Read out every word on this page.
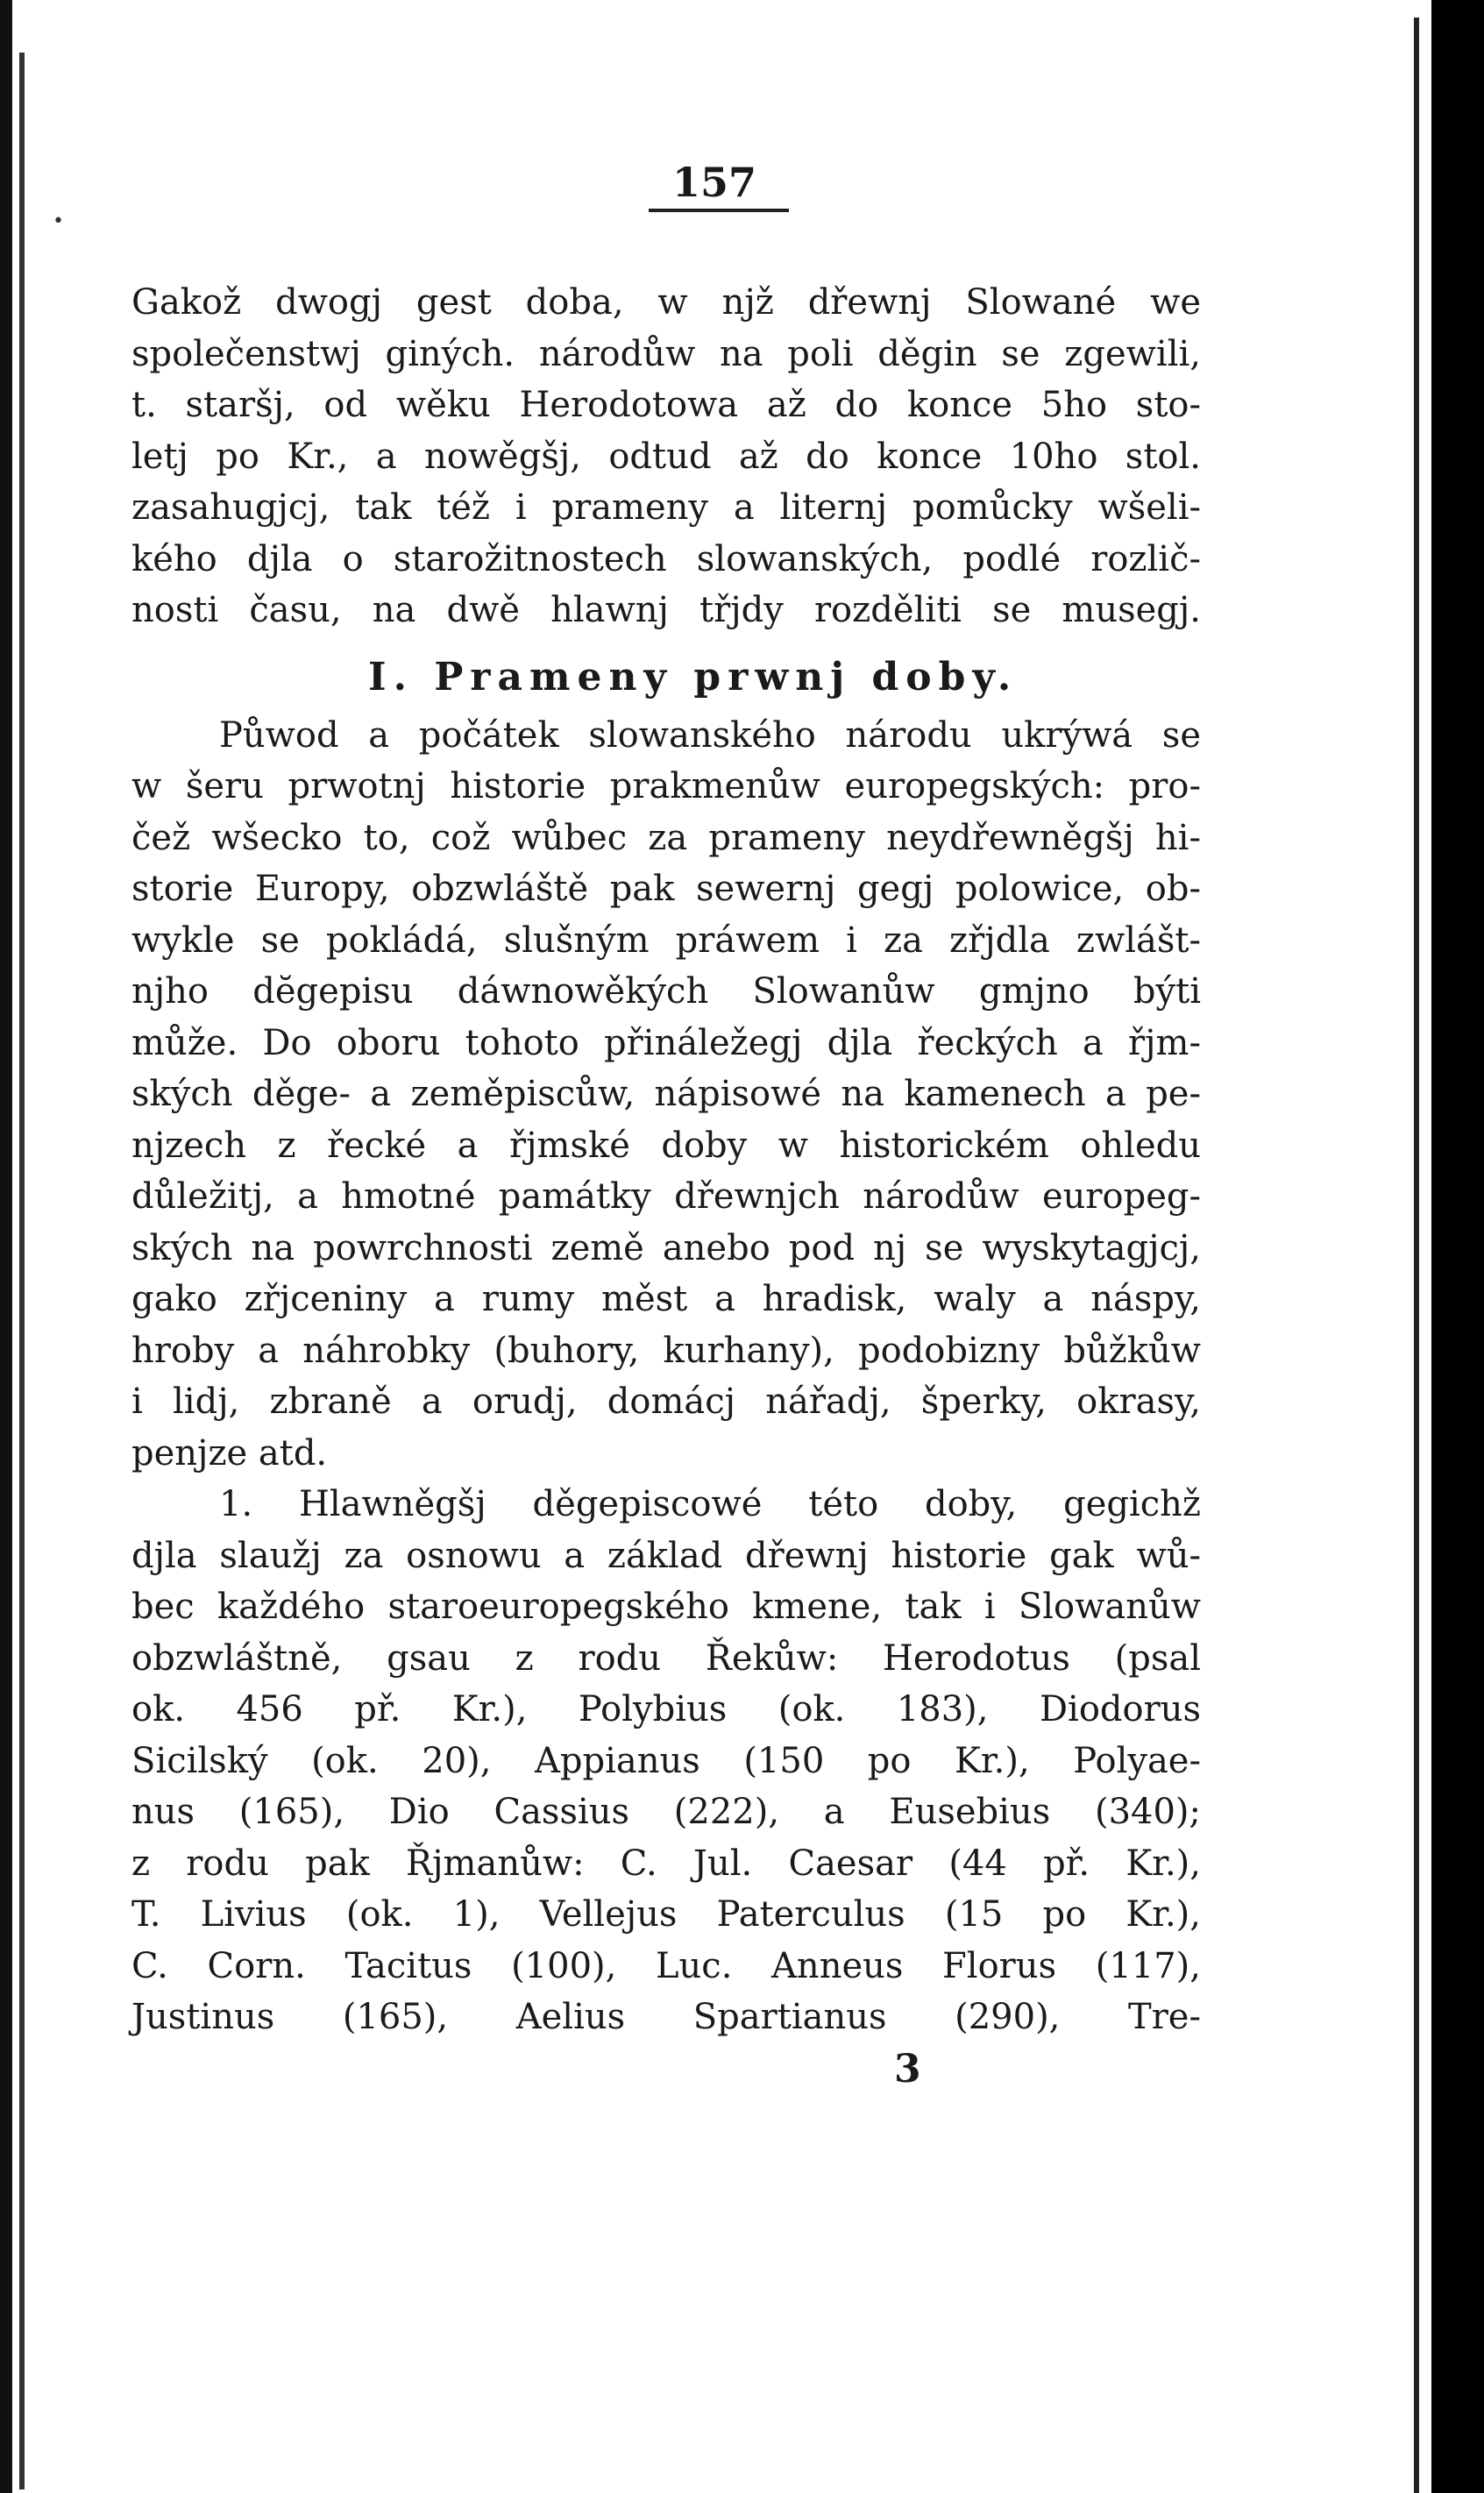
•
157
Gakož dwogj gest doba, w njž dřewnj Slowané we
společenstwj giných. národůw na poli děgin se zgewili,
t. staršj, od wěku Herodotowa až do konce 5ho sto-
letj po Kr., a nowěgšj, odtud až do konce 10ho stol.
zasahugjcj, tak též i prameny a liternj pomůcky wšeli-
kého djla o starožitnostech slowanských, podlé rozlič-
nosti času, na dwě hlawnj třjdy rozděliti se musegj.
I. Prameny prwnj doby.
Půwod a počátek slowanského národu ukrýwá se
w šeru prwotnj historie prakmenůw europegských: pro-
čež wšecko to, což wůbec za prameny neydřewněgšj hi-
storie Europy, obzwláště pak sewernj gegj polowice, ob-
wykle se pokládá, slušným práwem i za zřjdla zwlášt-
njho dĕgepisu dáwnowěkých Slowanůw gmjno býti
může. Do oboru tohoto přináležegj djla řeckých a řjm-
ských děge- a zeměpiscůw, nápisowé na kamenech a pe-
njzech z řecké a řjmské doby w historickém ohledu
důležitj, a hmotné památky dřewnjch národůw europeg-
ských na powrchnosti země anebo pod nj se wyskytagjcj,
gako zřjceniny a rumy měst a hradisk, waly a náspy,
hroby a náhrobky (buhory, kurhany), podobizny bůžkůw
i lidj, zbraně a orudj, domácj nářadj, šperky, okrasy,
penjze atd.
1. Hlawněgšj děgepiscowé této doby, gegichž
djla slaužj za osnowu a základ dřewnj historie gak wů-
bec každého staroeuropegského kmene, tak i Slowanůw
obzwláštně, gsau z rodu Řekůw: Herodotus (psal
ok. 456 př. Kr.), Polybius (ok. 183), Diodorus
Sicilský (ok. 20), Appianus (150 po Kr.), Polyae-
nus (165), Dio Cassius (222), a Eusebius (340);
z rodu pak Řjmanůw: C. Jul. Caesar (44 př. Kr.),
T. Livius (ok. 1), Vellejus Paterculus (15 po Kr.),
C. Corn. Tacitus (100), Luc. Anneus Florus (117),
Justinus (165), Aelius Spartianus (290), Tre-
3
